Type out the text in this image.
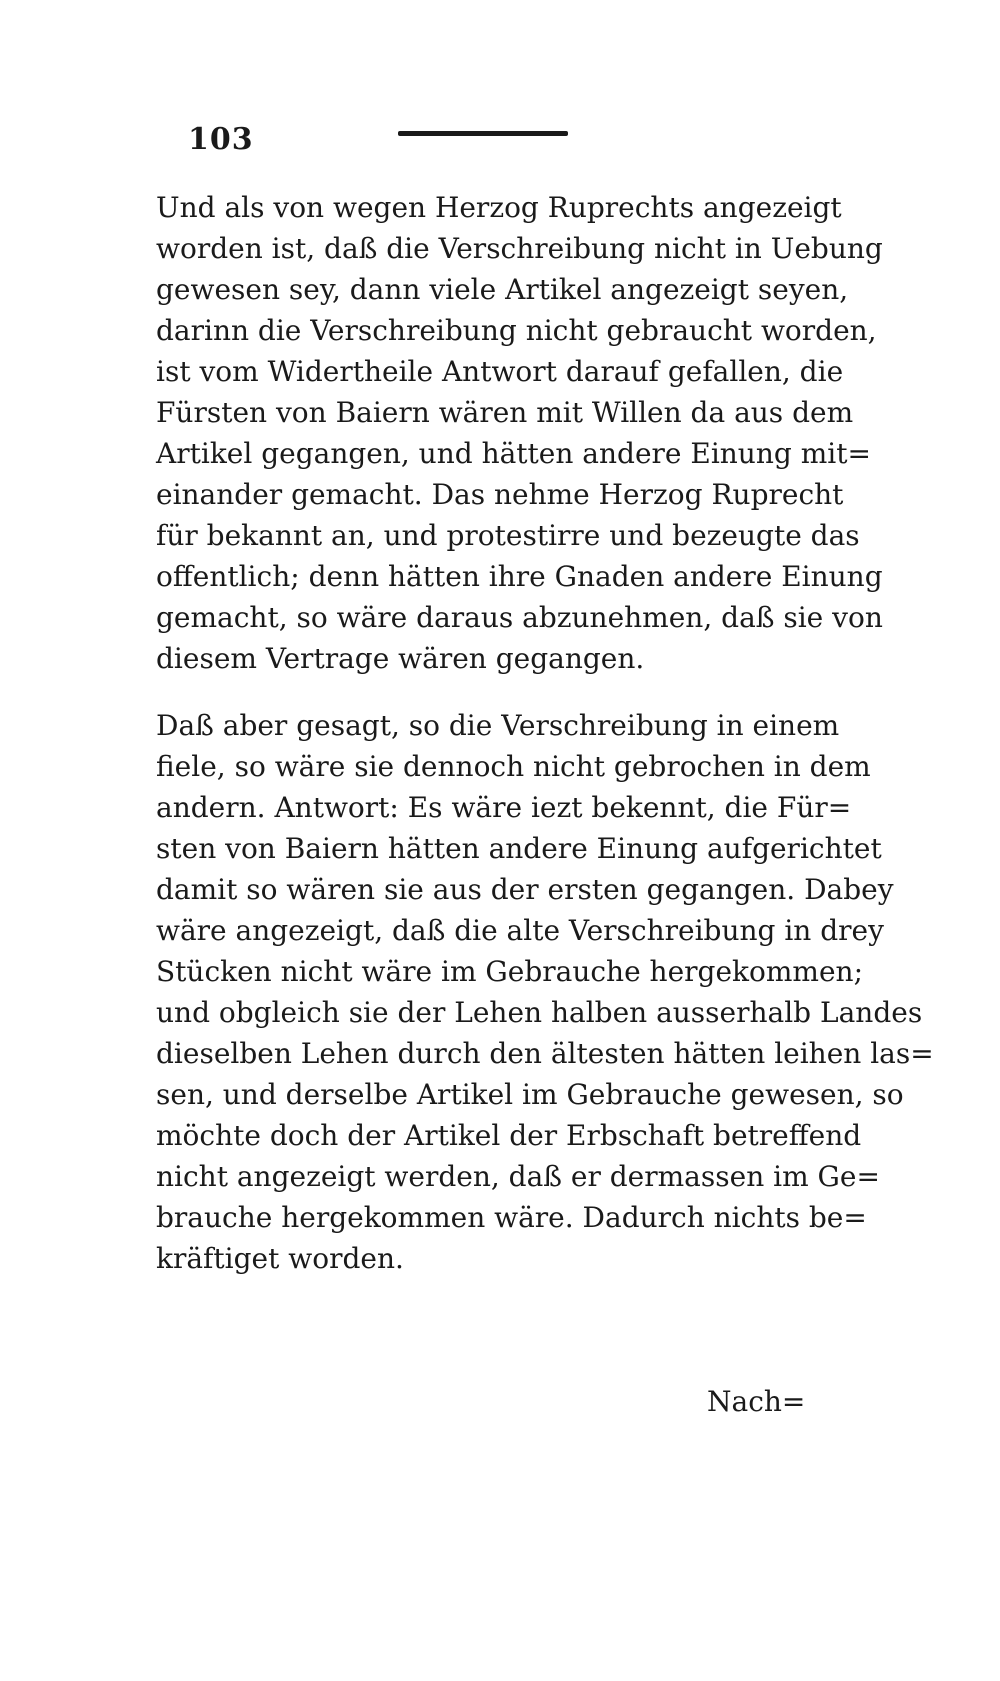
103
Und als von wegen Herzog Ruprechts angezeigt
worden ist, daß die Verschreibung nicht in Uebung
gewesen sey, dann viele Artikel angezeigt seyen,
darinn die Verschreibung nicht gebraucht worden,
ist vom Widertheile Antwort darauf gefallen, die
Fürsten von Baiern wären mit Willen da aus dem
Artikel gegangen, und hätten andere Einung mit=
einander gemacht. Das nehme Herzog Ruprecht
für bekannt an, und protestirre und bezeugte das
offentlich; denn hätten ihre Gnaden andere Einung
gemacht, so wäre daraus abzunehmen, daß sie von
diesem Vertrage wären gegangen.
Daß aber gesagt, so die Verschreibung in einem
fiele, so wäre sie dennoch nicht gebrochen in dem
andern. Antwort: Es wäre iezt bekennt, die Für=
sten von Baiern hätten andere Einung aufgerichtet
damit so wären sie aus der ersten gegangen. Dabey
wäre angezeigt, daß die alte Verschreibung in drey
Stücken nicht wäre im Gebrauche hergekommen;
und obgleich sie der Lehen halben ausserhalb Landes
dieselben Lehen durch den ältesten hätten leihen las=
sen, und derselbe Artikel im Gebrauche gewesen, so
möchte doch der Artikel der Erbschaft betreffend
nicht angezeigt werden, daß er dermassen im Ge=
brauche hergekommen wäre. Dadurch nichts be=
kräftiget worden.
Nach=
